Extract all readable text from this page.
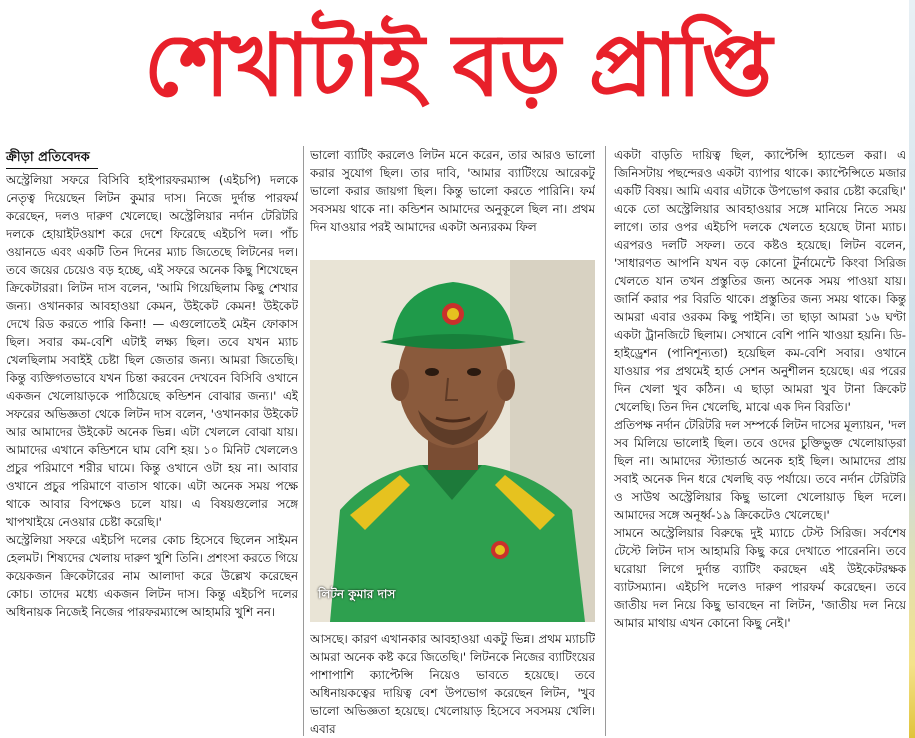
শেখাটাই বড় প্রাপ্তি
ক্রীড়া প্রতিবেদক

অস্ট্রেলিয়া সফরে বিসিবি হাইপারফরম্যান্স (এইচপি) দলকে নেতৃত্ব দিয়েছেন লিটন কুমার দাস। নিজে দুর্দান্ত পারফর্ম করেছেন, দলও দারুণ খেলেছে। অস্ট্রেলিয়ার নর্দান টেরিটরি দলকে হোয়াইটওয়াশ করে দেশে ফিরেছে এইচপি দল। পাঁচ ওয়ানডে এবং একটি তিন দিনের ম্যাচ জিতেছে লিটনের দল। তবে জয়ের চেয়েও বড় হচ্ছে, এই সফরে অনেক কিছু শিখেছেন ক্রিকেটাররা। লিটন দাস বলেন, 'আমি গিয়েছিলাম কিছু শেখার জন্য। ওখানকার আবহাওয়া কেমন, উইকেট কেমন! উইকেট দেখে রিড করতে পারি কিনা! — এগুলোতেই মেইন ফোকাস ছিল। সবার কম-বেশি এটাই লক্ষ্য ছিল। তবে যখন ম্যাচ খেলছিলাম সবাইই চেষ্টা ছিল জেতার জন্য। আমরা জিতেছি। কিন্তু ব্যক্তিগতভাবে যখন চিন্তা করবেন দেখবেন বিসিবি ওখানে একজন খেলোয়াড়কে পাঠিয়েছে কন্ডিশন বোঝার জন্য।' এই সফরের অভিজ্ঞতা থেকে লিটন দাস বলেন, 'ওখানকার উইকেট আর আমাদের উইকেট অনেক ভিন্ন। এটা খেললে বোঝা যায়। আমাদের এখানে কন্ডিশনে ঘাম বেশি হয়। ১০ মিনিট খেললেও প্রচুর পরিমাণে শরীর ঘামে। কিন্তু ওখানে ওটা হয় না। আবার ওখানে প্রচুর পরিমাণে বাতাস থাকে। এটা অনেক সময় পক্ষে থাকে আবার বিপক্ষেও চলে যায়। এ বিষয়গুলোর সঙ্গে খাপখাইয়ে নেওয়ার চেষ্টা করেছি।'

অস্ট্রেলিয়া সফরে এইচপি দলের কোচ হিসেবে ছিলেন সাইমন হেলমট। শিষ্যদের খেলায় দারুণ খুশি তিনি। প্রশংসা করতে গিয়ে কয়েকজন ক্রিকেটারের নাম আলাদা করে উল্লেখ করেছেন কোচ। তাদের মধ্যে একজন লিটন দাস। কিন্তু এইচপি দলের অধিনায়ক নিজেই নিজের পারফরম্যান্সে আহামরি খুশি নন।

ভালো ব্যাটিং করলেও লিটন মনে করেন, তার আরও ভালো করার সুযোগ ছিল। তার দাবি, 'আমার ব্যাটিংয়ে আরেকটু ভালো করার জায়গা ছিল। কিন্তু ভালো করতে পারিনি। ফর্ম সবসময় থাকে না। কন্ডিশন আমাদের অনুকূলে ছিল না। প্রথম দিন যাওয়ার পরই আমাদের একটা অন্যরকম ফিল

লিটন কুমার দাস

আসছে। কারণ এখানকার আবহাওয়া একটু ভিন্ন। প্রথম ম্যাচটি আমরা অনেক কষ্ট করে জিতেছি।' লিটনকে নিজের ব্যাটিংয়ের পাশাপাশি ক্যাপ্টেন্সি নিয়েও ভাবতে হয়েছে। তবে অধিনায়কত্বের দায়িত্ব বেশ উপভোগ করেছেন লিটন, 'খুব ভালো অভিজ্ঞতা হয়েছে। খেলোয়াড় হিসেবে সবসময় খেলি। এবার

একটা বাড়তি দায়িত্ব ছিল, ক্যাপ্টেন্সি হ্যান্ডেল করা। এ জিনিসটায় পছন্দেরও একটা ব্যাপার থাকে। ক্যাপ্টেন্সিতে মজার একটি বিষয়। আমি এবার এটাকে উপভোগ করার চেষ্টা করেছি।' একে তো অস্ট্রেলিয়ার আবহাওয়ার সঙ্গে মানিয়ে নিতে সময় লাগে। তার ওপর এইচপি দলকে খেলতে হয়েছে টানা ম্যাচ। এরপরও দলটি সফল। তবে কষ্টও হয়েছে। লিটন বলেন, 'সাধারণত আপনি যখন বড় কোনো টুর্নামেন্টে কিংবা সিরিজ খেলতে যান তখন প্রস্তুতির জন্য অনেক সময় পাওয়া যায়। জার্নি করার পর বিরতি থাকে। প্রস্তুতির জন্য সময় থাকে। কিন্তু আমরা এবার ওরকম কিছু পাইনি। তা ছাড়া আমরা ১৬ ঘণ্টা একটা ট্রানজিটে ছিলাম। সেখানে বেশি পানি খাওয়া হয়নি। ডি-হাইড্রেশন (পানিশূন্যতা) হয়েছিল কম-বেশি সবার। ওখানে যাওয়ার পর প্রথমেই হার্ড সেশন অনুশীলন হয়েছে। এর পরের দিন খেলা খুব কঠিন। এ ছাড়া আমরা খুব টানা ক্রিকেট খেলেছি। তিন দিন খেলেছি, মাঝে এক দিন বিরতি।'

প্রতিপক্ষ নর্দান টেরিটরি দল সম্পর্কে লিটন দাসের মূল্যায়ন, 'দল সব মিলিয়ে ভালোই ছিল। তবে ওদের চুক্তিভুক্ত খেলোয়াড়রা ছিল না। আমাদের স্ট্যান্ডার্ড অনেক হাই ছিল। আমাদের প্রায় সবাই অনেক দিন ধরে খেলছি বড় পর্যায়ে। তবে নর্দান টেরিটরি ও সাউথ অস্ট্রেলিয়ার কিছু ভালো খেলোয়াড় ছিল দলে। আমাদের সঙ্গে অনূর্ধ্ব-১৯ ক্রিকেটেও খেলেছে।'

সামনে অস্ট্রেলিয়ার বিরুদ্ধে দুই ম্যাচে টেস্ট সিরিজ। সর্বশেষ টেস্টে লিটন দাস আহামরি কিছু করে দেখাতে পারেননি। তবে ঘরোয়া লিগে দুর্দান্ত ব্যাটিং করছেন এই উইকেটরক্ষক ব্যাটসম্যান। এইচপি দলেও দারুণ পারফর্ম করেছেন। তবে জাতীয় দল নিয়ে কিছু ভাবছেন না লিটন, 'জাতীয় দল নিয়ে আমার মাথায় এখন কোনো কিছু নেই।'
